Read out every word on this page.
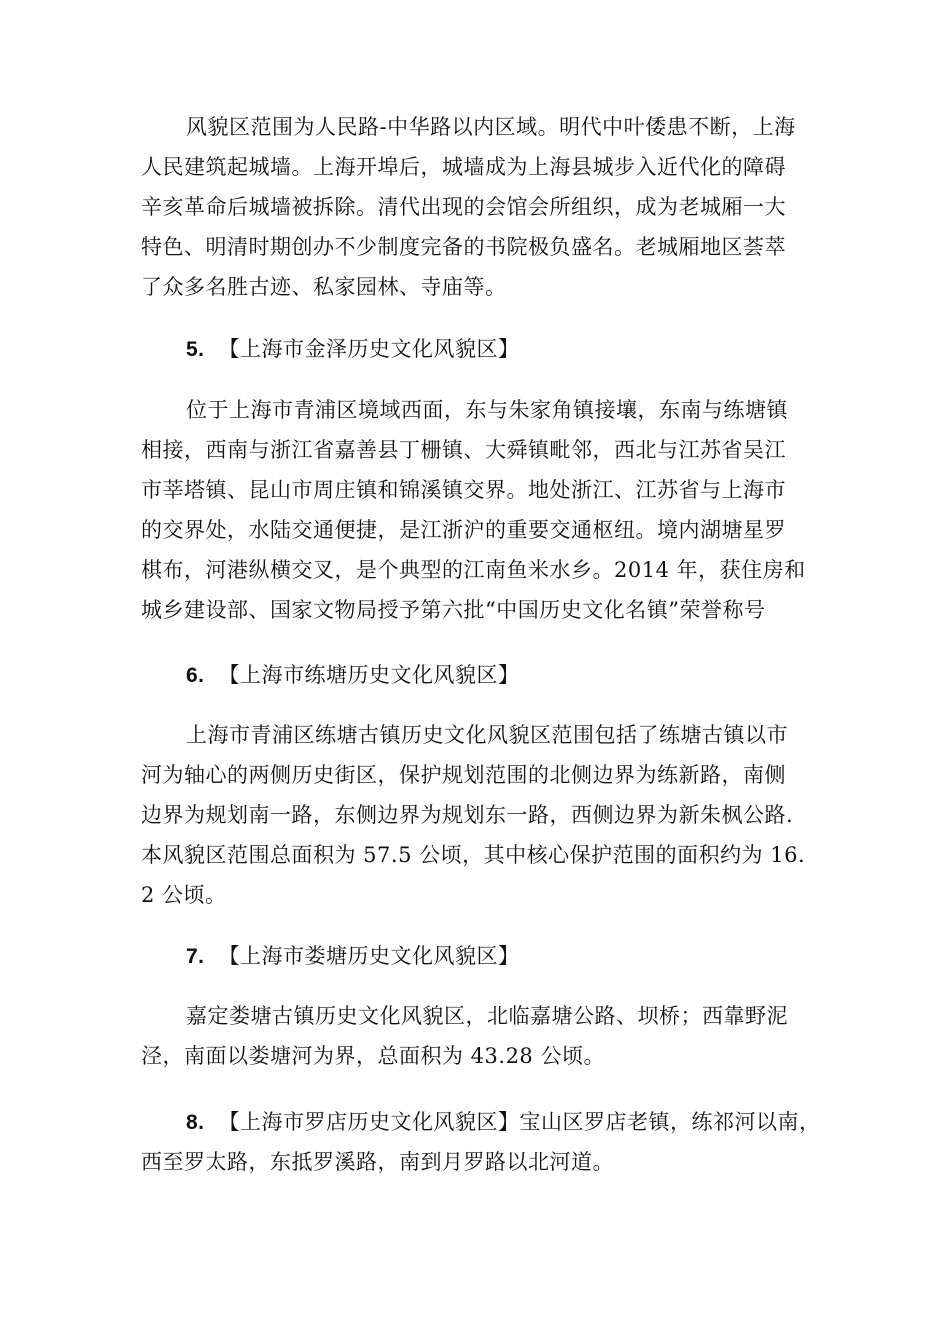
风貌区范围为人民路-中华路以内区域。明代中叶倭患不断，上海
人民建筑起城墙。上海开埠后，城墙成为上海县城步入近代化的障碍
辛亥革命后城墙被拆除。清代出现的会馆会所组织，成为老城厢一大
特色、明清时期创办不少制度完备的书院极负盛名。老城厢地区荟萃
了众多名胜古迹、私家园林、寺庙等。
5. 【上海市金泽历史文化风貌区】
位于上海市青浦区境域西面，东与朱家角镇接壤，东南与练塘镇
相接，西南与浙江省嘉善县丁栅镇、大舜镇毗邻，西北与江苏省吴江
市莘塔镇、昆山市周庄镇和锦溪镇交界。地处浙江、江苏省与上海市
的交界处，水陆交通便捷，是江浙沪的重要交通枢纽。境内湖塘星罗
棋布，河港纵横交叉，是个典型的江南鱼米水乡。2014 年，获住房和
城乡建设部、国家文物局授予第六批“中国历史文化名镇”荣誉称号
6. 【上海市练塘历史文化风貌区】
上海市青浦区练塘古镇历史文化风貌区范围包括了练塘古镇以市
河为轴心的两侧历史街区，保护规划范围的北侧边界为练新路，南侧
边界为规划南一路，东侧边界为规划东一路，西侧边界为新朱枫公路.
本风貌区范围总面积为 57.5 公顷，其中核心保护范围的面积约为 16.
2 公顷。
7. 【上海市娄塘历史文化风貌区】
嘉定娄塘古镇历史文化风貌区，北临嘉塘公路、坝桥；西靠野泥
泾，南面以娄塘河为界，总面积为 43.28 公顷。
8. 【上海市罗店历史文化风貌区】宝山区罗店老镇，练祁河以南，
西至罗太路，东抵罗溪路，南到月罗路以北河道。
